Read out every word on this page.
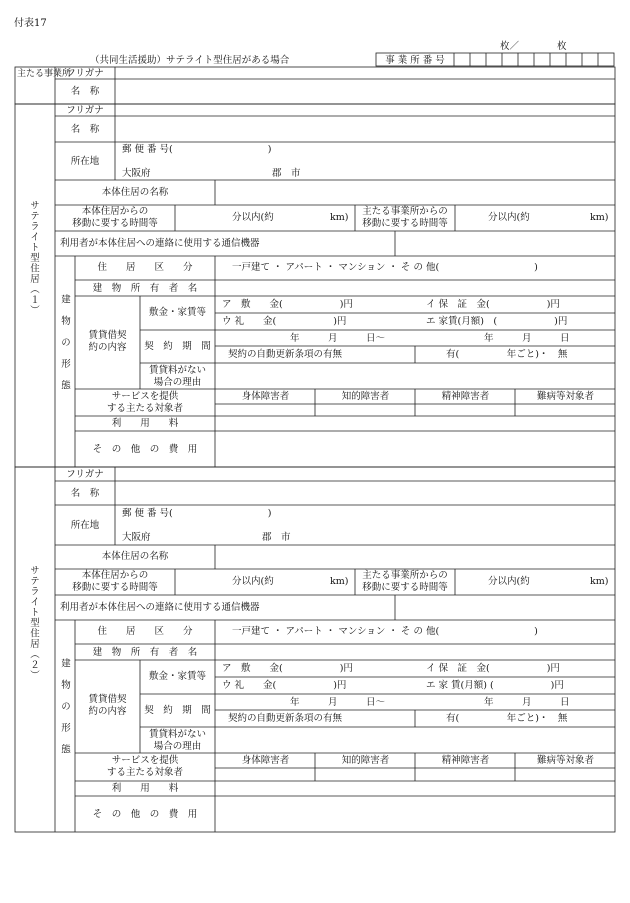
付表17
枚／　　　　枚
（共同生活援助）サテライト型住居がある場合	事 業 所 番 号
主たる事業所
フリガナ
名　称
サテライト型住居（１）
フリガナ
名　称
所在地
郵 便 番 号(　　　　　　　　　　)
大阪府	郡　市
本体住居の名称
本体住居からの
移動に要する時間等
分以内(約	km)
主たる事業所からの
移動に要する時間等
分以内(約	km)
利用者が本体住居への連絡に使用する通信機器
建物の形態
住　　居　　区　　分	一戸建て ・ アパート ・ マンション ・ そ の 他(　　　　　　　　　　)
建　物　所　有　者　名
賃貸借契
約の内容
敷金・家賃等
ア　敷　　金(　　　　　　)円	イ 保　証　金(　　　　　　)円
ウ 礼　　金(　　　　　　)円	エ 家賃(月額)　(　　　　　　)円
契　約　期　間
年　　　月　　　日〜	年　　　月　　　日
契約の自動更新条項の有無	有(　　　　　年ごと)・　無
賃貸料がない
場合の理由
サービスを提供
する主たる対象者
身体障害者	知的障害者	精神障害者	難病等対象者
利　　用　　料
そ　の　他　の　費　用
サテライト型住居（２）
フリガナ
名　称
所在地
郵 便 番 号(　　　　　　　　　　)
大阪府	郡　市
本体住居の名称
本体住居からの
移動に要する時間等
分以内(約	km)
主たる事業所からの
移動に要する時間等
分以内(約	km)
利用者が本体住居への連絡に使用する通信機器
建物の形態
住　　居　　区　　分	一戸建て ・ アパート ・ マンション ・ そ の 他(　　　　　　　　　　)
建　物　所　有　者　名
賃貸借契
約の内容
敷金・家賃等
ア　敷　　金(　　　　　　)円	イ 保　証　金(　　　　　　)円
ウ 礼　　金(　　　　　　)円	エ 家 賃(月額) (　　　　　　)円
契　約　期　間
年　　　月　　　日〜	年　　　月　　　日
契約の自動更新条項の有無	有(　　　　　年ごと)・　無
賃貸料がない
場合の理由
サービスを提供
する主たる対象者
身体障害者	知的障害者	精神障害者	難病等対象者
利　　用　　料
そ　の　他　の　費　用
